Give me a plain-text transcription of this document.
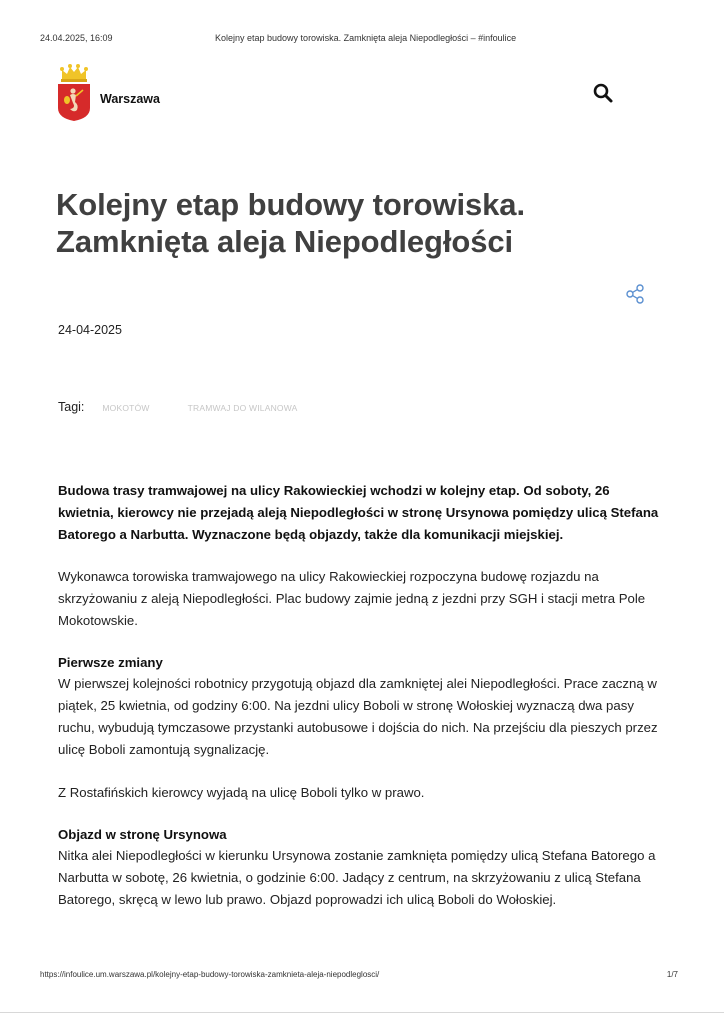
24.04.2025, 16:09	Kolejny etap budowy torowiska. Zamknięta aleja Niepodległości – #infoulice
Warszawa
Kolejny etap budowy torowiska. Zamknięta aleja Niepodległości
24-04-2025
Tagi: MOKOTÓW	TRAMWAJ DO WILANOWA

Budowa trasy tramwajowej na ulicy Rakowieckiej wchodzi w kolejny etap. Od soboty, 26 kwietnia, kierowcy nie przejadą aleją Niepodległości w stronę Ursynowa pomiędzy ulicą Stefana Batorego a Narbutta. Wyznaczone będą objazdy, także dla komunikacji miejskiej.

Wykonawca torowiska tramwajowego na ulicy Rakowieckiej rozpoczyna budowę rozjazdu na skrzyżowaniu z aleją Niepodległości. Plac budowy zajmie jedną z jezdni przy SGH i stacji metra Pole Mokotowskie.

Pierwsze zmiany

W pierwszej kolejności robotnicy przygotują objazd dla zamkniętej alei Niepodległości. Prace zaczną w piątek, 25 kwietnia, od godziny 6:00. Na jezdni ulicy Boboli w stronę Wołoskiej wyznaczą dwa pasy ruchu, wybudują tymczasowe przystanki autobusowe i dojścia do nich. Na przejściu dla pieszych przez ulicę Boboli zamontują sygnalizację.

Z Rostafińskich kierowcy wyjadą na ulicę Boboli tylko w prawo.

Objazd w stronę Ursynowa

Nitka alei Niepodległości w kierunku Ursynowa zostanie zamknięta pomiędzy ulicą Stefana Batorego a Narbutta w sobotę, 26 kwietnia, o godzinie 6:00. Jadący z centrum, na skrzyżowaniu z ulicą Stefana Batorego, skręcą w lewo lub prawo. Objazd poprowadzi ich ulicą Boboli do Wołoskiej.

https://infoulice.um.warszawa.pl/kolejny-etap-budowy-torowiska-zamknieta-aleja-niepodleglosci/	1/7
